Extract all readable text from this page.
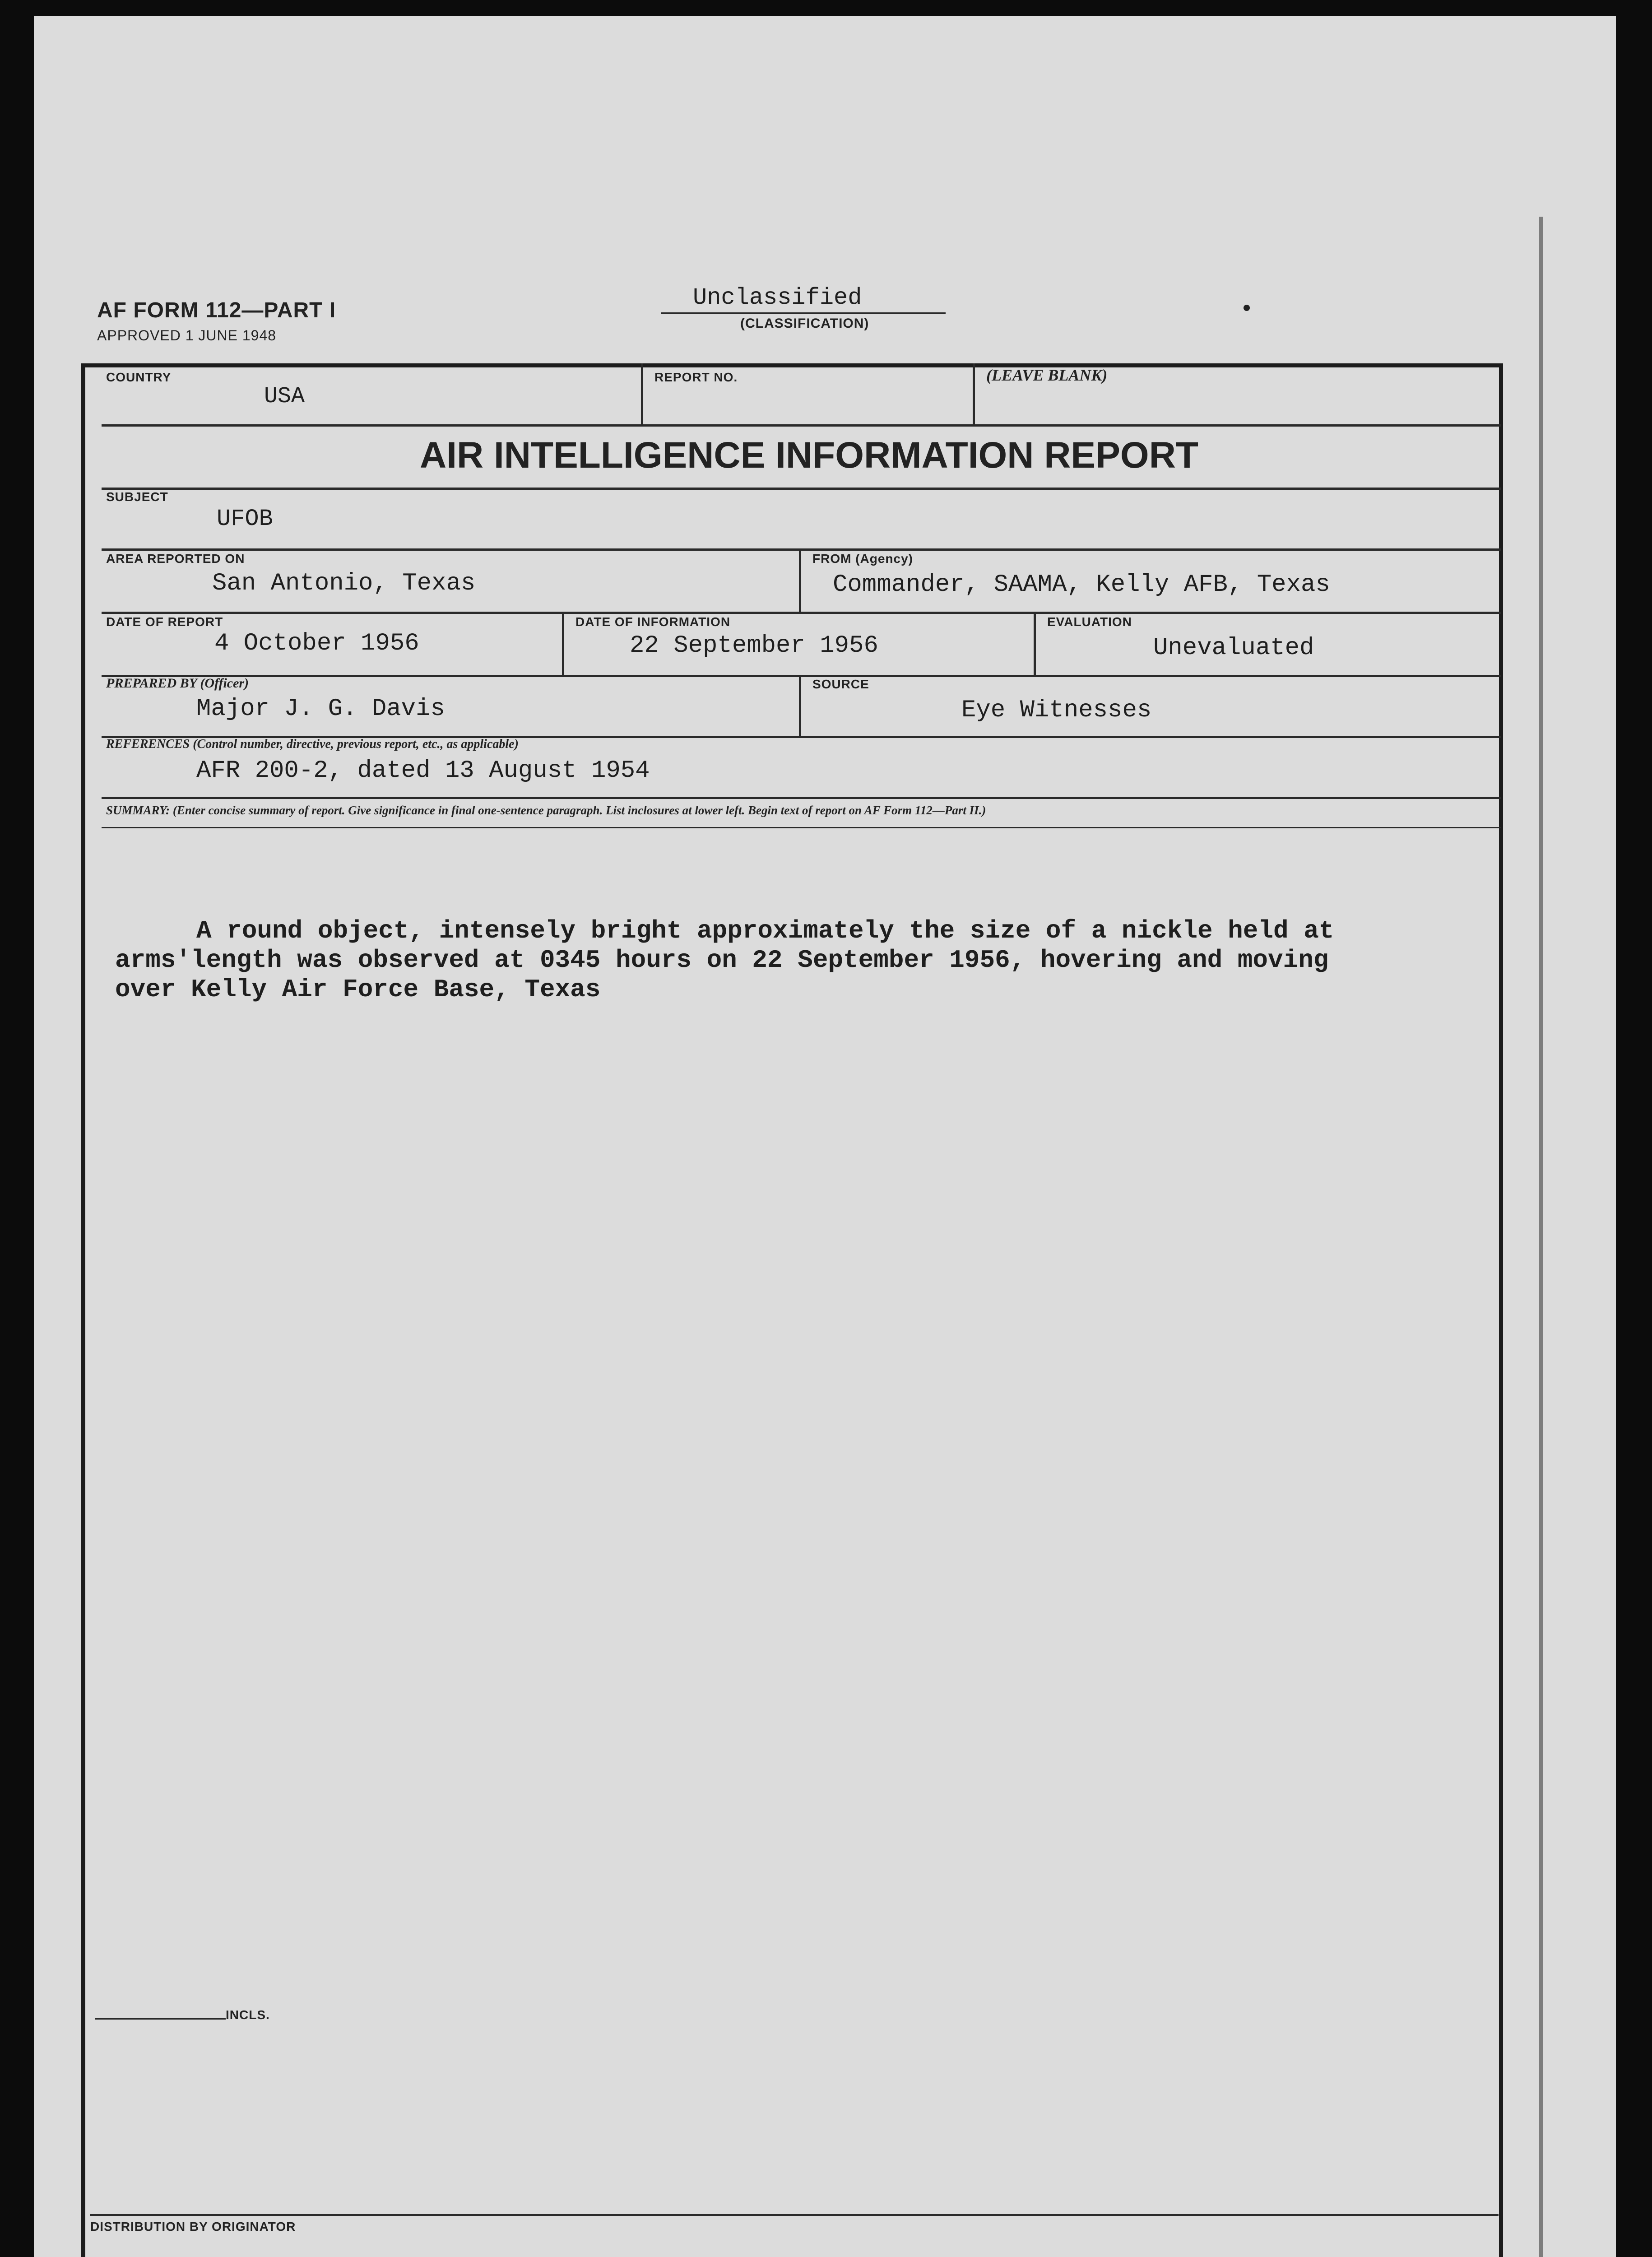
AF FORM 112—PART I
APPROVED 1 JUNE 1948
Unclassified
(CLASSIFICATION)
COUNTRY
USA
REPORT NO.	(LEAVE BLANK)
AIR INTELLIGENCE INFORMATION REPORT
SUBJECT
UFOB
AREA REPORTED ON
San Antonio, Texas
FROM (Agency)
Commander, SAAMA, Kelly AFB, Texas
DATE OF REPORT
4 October 1956
DATE OF INFORMATION
22 September 1956
EVALUATION
Unevaluated
PREPARED BY (Officer)
Major J. G. Davis
SOURCE
Eye Witnesses
REFERENCES (Control number, directive, previous report, etc., as applicable)
AFR 200-2, dated 13 August 1954
SUMMARY: (Enter concise summary of report. Give significance in final one-sentence paragraph. List inclosures at lower left. Begin text of report on AF Form 112—Part II.)
A round object, intensely bright approximately the size of a nickle held at
arms'length was observed at 0345 hours on 22 September 1956, hovering and moving
over Kelly Air Force Base, Texas
INCLS.
DISTRIBUTION BY ORIGINATOR
